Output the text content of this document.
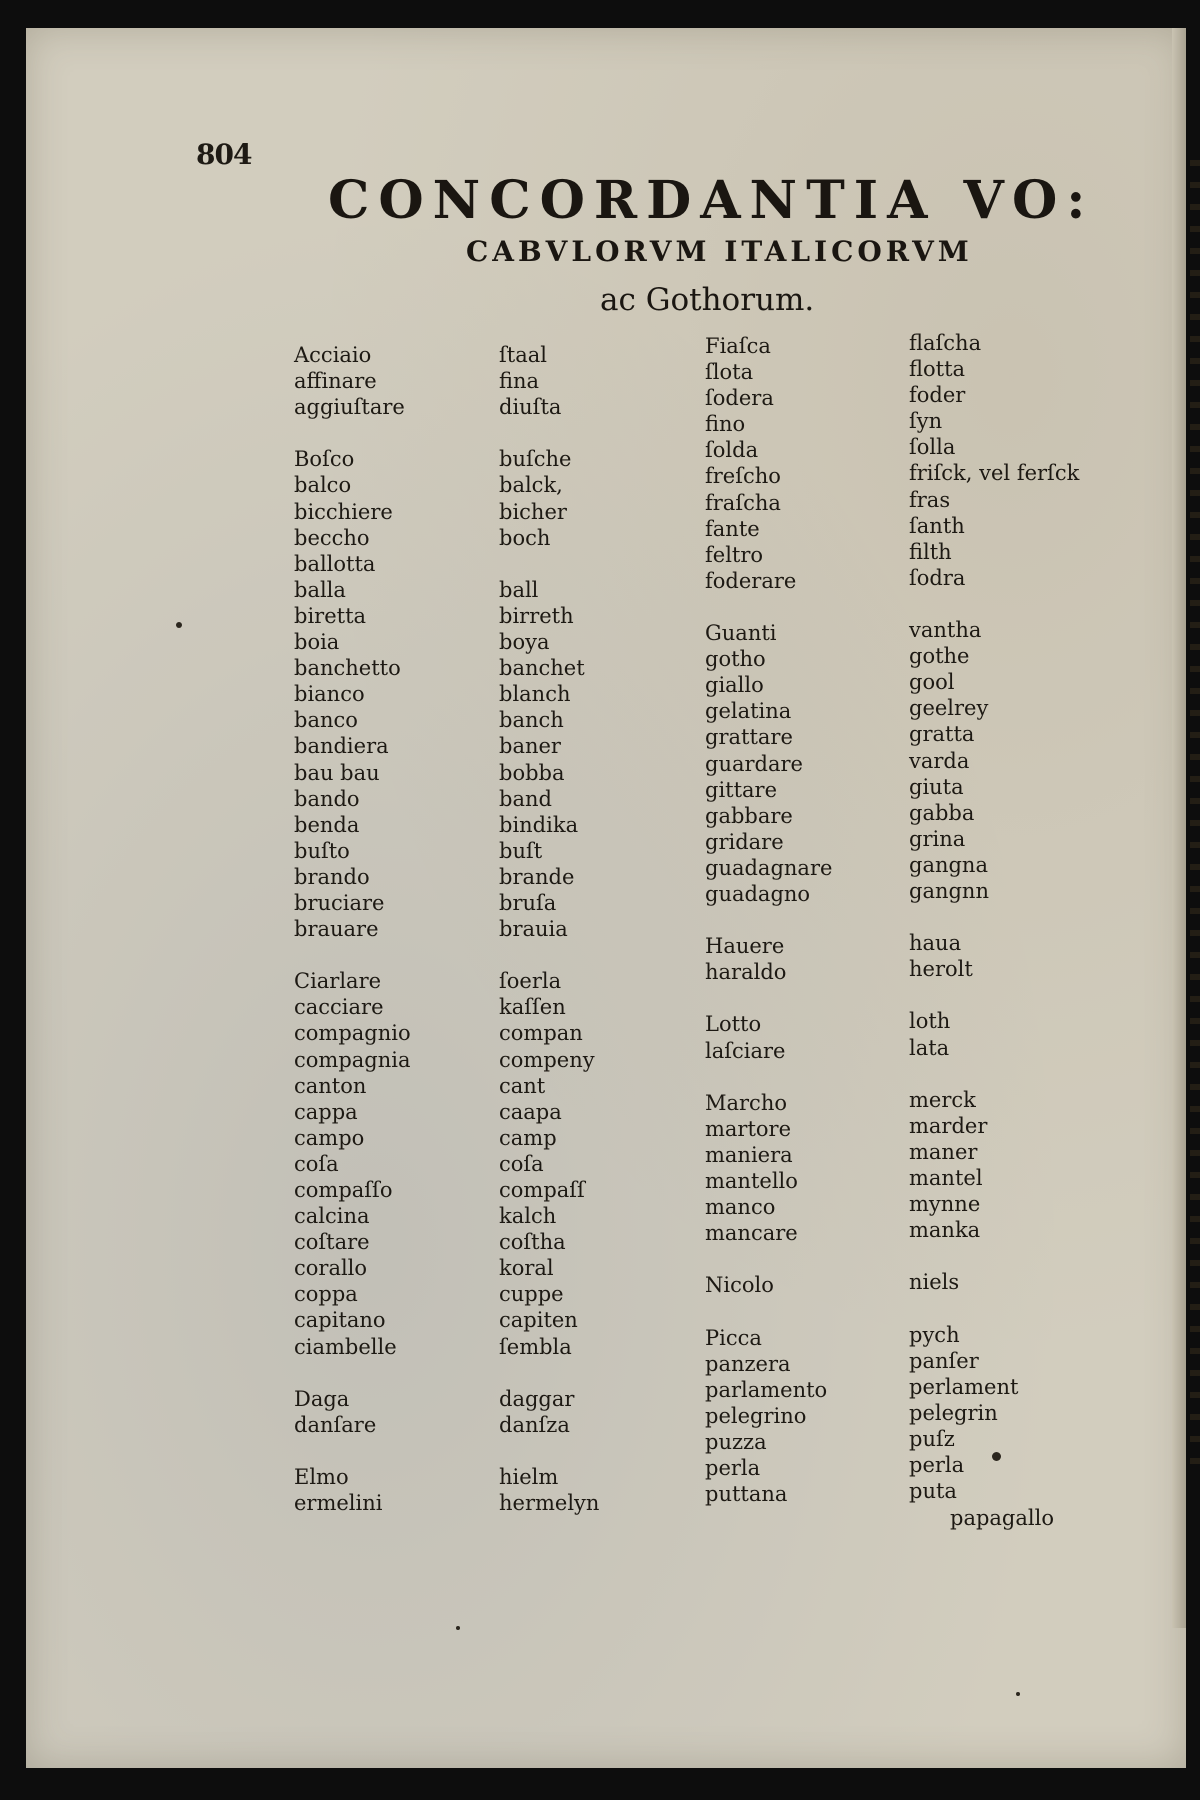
804
CONCORDANTIA VO:
CABVLORVM ITALICORVM
ac Gothorum.
Acciaio
affinare
aggiuſtare
Boſco
balco
bicchiere
beccho
ballotta
balla
biretta
boia
banchetto
bianco
banco
bandiera
bau bau
bando
benda
buſto
brando
bruciare
brauare
Ciarlare
cacciare
compagnio
compagnia
canton
cappa
campo
coſa
compaſſo
calcina
coſtare
corallo
coppa
capitano
ciambelle
Daga
danſare
Elmo
ermelini
ſtaal
fina
diuſta
buſche
balck,
bicher
boch
ball
birreth
boya
banchet
blanch
banch
baner
bobba
band
bindika
buſt
brande
bruſa
brauia
ſoerla
kaſſen
compan
compeny
cant
caapa
camp
coſa
compaſſ
kalch
coſtha
koral
cuppe
capiten
ſembla
daggar
danſza
hielm
hermelyn
Fiaſca
ſlota
ſodera
fino
ſolda
freſcho
fraſcha
fante
feltro
foderare
Guanti
gotho
giallo
gelatina
grattare
guardare
gittare
gabbare
gridare
guadagnare
guadagno
Hauere
haraldo
Lotto
laſciare
Marcho
martore
maniera
mantello
manco
mancare
Nicolo
Picca
panzera
parlamento
pelegrino
puzza
perla
puttana
flaſcha
flotta
foder
ſyn
ſolla
friſck, vel ferſck
fras
ſanth
filth
ſodra
vantha
gothe
gool
geelrey
gratta
varda
giuta
gabba
grina
gangna
gangnn
haua
herolt
loth
lata
merck
marder
maner
mantel
mynne
manka
niels
pych
panſer
perlament
pelegrin
puſz
perla
puta
papagallo
